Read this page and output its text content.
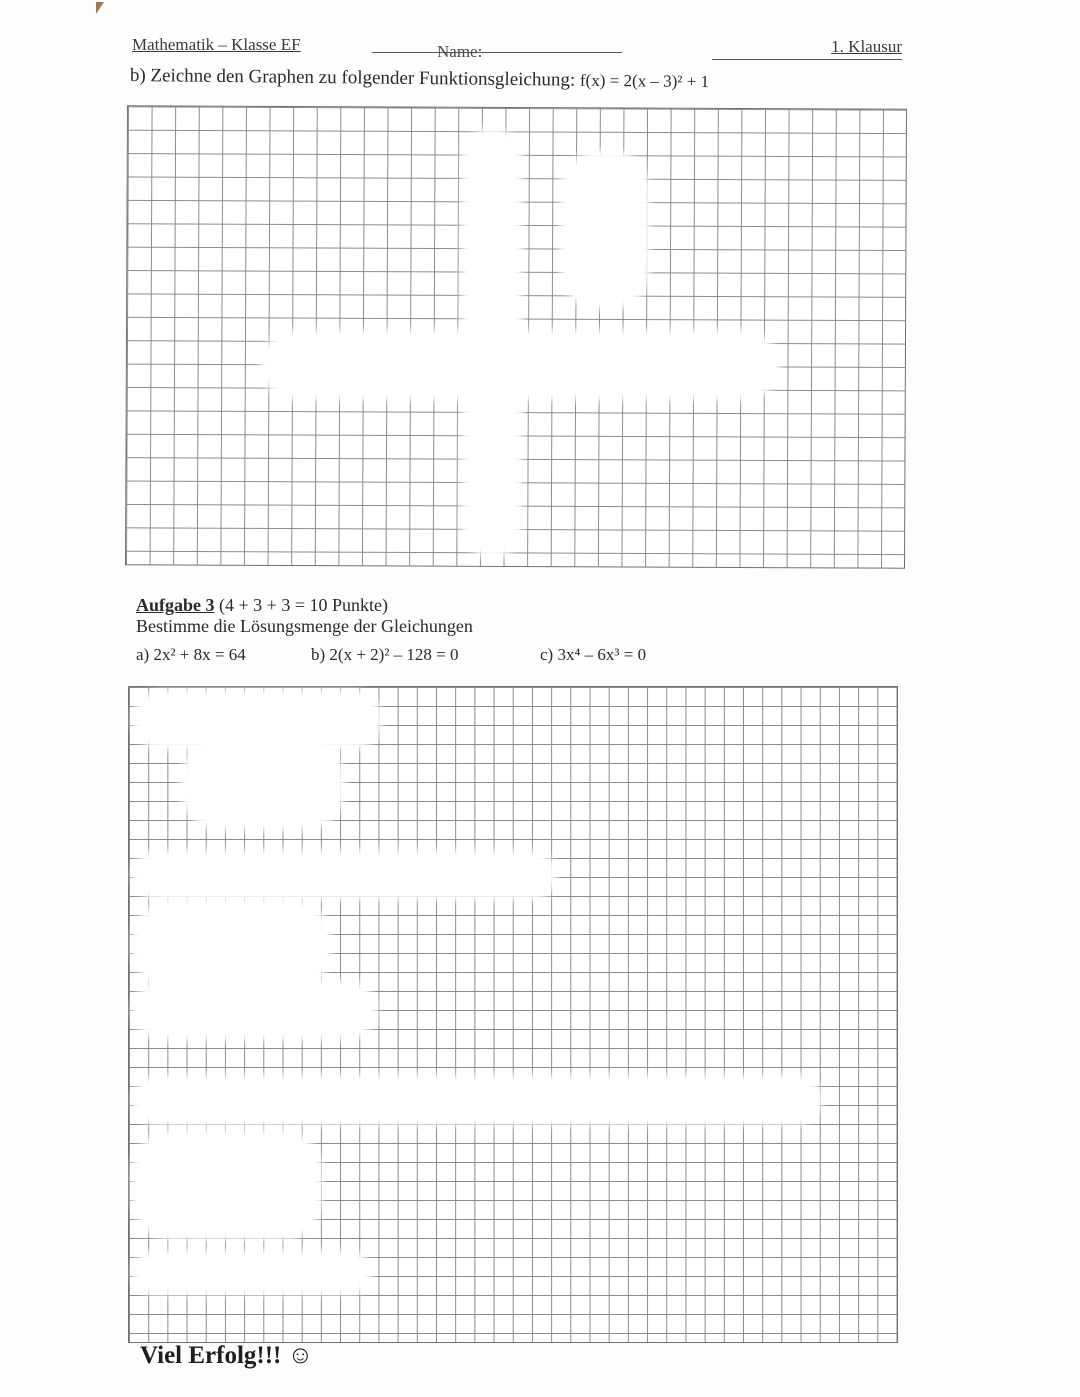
Mathematik – Klasse EF	Name:	1. Klausur
b) Zeichne den Graphen zu folgender Funktionsgleichung: f(x) = 2(x – 3)² + 1
Aufgabe 3 (4 + 3 + 3 = 10 Punkte)
Bestimme die Lösungsmenge der Gleichungen
a) 2x² + 8x = 64	b) 2(x + 2)² – 128 = 0	c) 3x⁴ – 6x³ = 0
Viel Erfolg!!! ☺
